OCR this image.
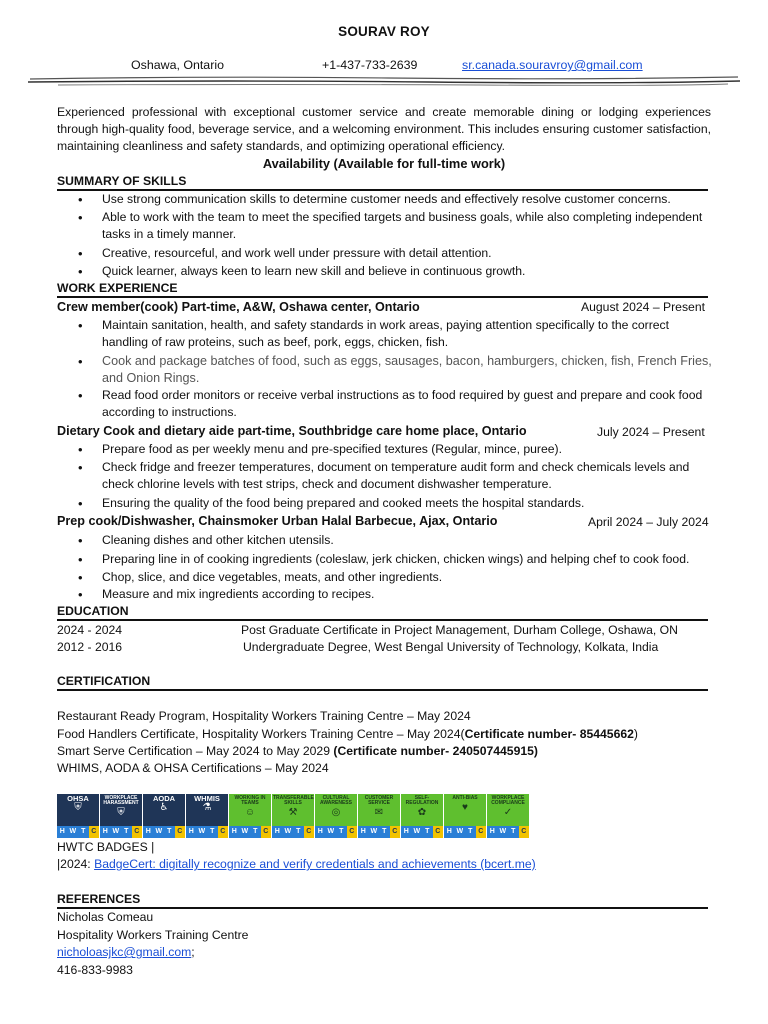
SOURAV ROY
Oshawa, Ontario	+1-437-733-2639	sr.canada.souravroy@gmail.com
Experienced professional with exceptional customer service and create memorable dining or lodging experiences through high-quality food, beverage service, and a welcoming environment. This includes ensuring customer satisfaction, maintaining cleanliness and safety standards, and optimizing operational efficiency.
Availability (Available for full-time work)
SUMMARY OF SKILLS
• Use strong communication skills to determine customer needs and effectively resolve customer concerns.
• Able to work with the team to meet the specified targets and business goals, while also completing independent tasks in a timely manner.
• Creative, resourceful, and work well under pressure with detail attention.
• Quick learner, always keen to learn new skill and believe in continuous growth.
WORK EXPERIENCE
Crew member(cook) Part-time, A&W, Oshawa center, Ontario	August 2024 – Present
• Maintain sanitation, health, and safety standards in work areas, paying attention specifically to the correct handling of raw proteins, such as beef, pork, eggs, chicken, fish.
• Cook and package batches of food, such as eggs, sausages, bacon, hamburgers, chicken, fish, French Fries, and Onion Rings.
• Read food order monitors or receive verbal instructions as to food required by guest and prepare and cook food according to instructions.
Dietary Cook and dietary aide part-time, Southbridge care home place, Ontario	July 2024 – Present
• Prepare food as per weekly menu and pre-specified textures (Regular, mince, puree).
• Check fridge and freezer temperatures, document on temperature audit form and check chemicals levels and check chlorine levels with test strips, check and document dishwasher temperature.
• Ensuring the quality of the food being prepared and cooked meets the hospital standards.
Prep cook/Dishwasher, Chainsmoker Urban Halal Barbecue, Ajax, Ontario	April 2024 – July 2024
• Cleaning dishes and other kitchen utensils.
• Preparing line in of cooking ingredients (coleslaw, jerk chicken, chicken wings) and helping chef to cook food.
• Chop, slice, and dice vegetables, meats, and other ingredients.
• Measure and mix ingredients according to recipes.
EDUCATION
2024 - 2024	Post Graduate Certificate in Project Management, Durham College, Oshawa, ON
2012 - 2016	Undergraduate Degree, West Bengal University of Technology, Kolkata, India
CERTIFICATION
Restaurant Ready Program, Hospitality Workers Training Centre – May 2024
Food Handlers Certificate, Hospitality Workers Training Centre – May 2024(Certificate number- 85445662)
Smart Serve Certification – May 2024 to May 2029 (Certificate number- 240507445915)
WHIMS, AODA & OHSA Certifications – May 2024
OHSA
⛨
H W T C
WORKPLACE HARASSMENT
⛨
H W T C
AODA
♿
H W T C
WHMIS
⚗
H W T C
WORKING IN TEAMS
☺
H W T C
TRANSFERABLE SKILLS
⚒
H W T C
CULTURAL AWARENESS
◎
H W T C
CUSTOMER SERVICE
✉
H W T C
SELF-REGULATION
✿
H W T C
ANTI-BIAS
♥
H W T C
WORKPLACE COMPLIANCE
✓
H W T C
HWTC BADGES |
|2024: BadgeCert: digitally recognize and verify credentials and achievements (bcert.me)
REFERENCES
Nicholas Comeau
Hospitality Workers Training Centre
nicholoasjkc@gmail.com;
416-833-9983
